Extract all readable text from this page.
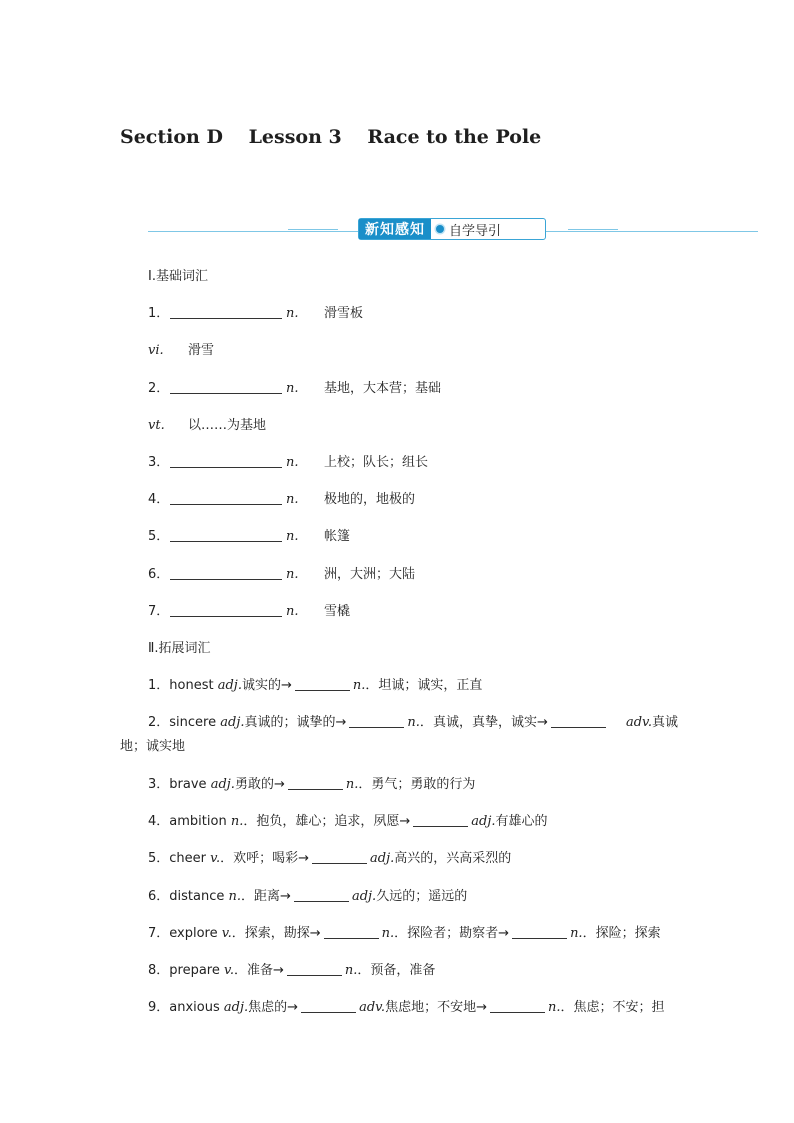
Section D　 Lesson 3　 Race to the Pole
新知感知	自学导引
Ⅰ.基础词汇
1．	n. 滑雪板
vi. 滑雪
2．	n. 基地，大本营；基础
vt. 以……为基地
3．	n. 上校；队长；组长
4．	n. 极地的，地极的
5．	n. 帐篷
6．	n. 洲，大洲；大陆
7．	n. 雪橇
Ⅱ.拓展词汇
1．honest adj.诚实的→	n.．坦诚；诚实，正直
2．sincere adj.真诚的；诚挚的→	n.．真诚，真挚，诚实→　	adv.真诚
地；诚实地
3．brave adj.勇敢的→	n.．勇气；勇敢的行为
4．ambition n.．抱负，雄心；追求，夙愿→	adj.有雄心的
5．cheer v.．欢呼；喝彩→	adj.高兴的，兴高采烈的
6．distance n.．距离→	adj.久远的；遥远的
7．explore v.．探索，勘探→	n.．探险者；勘察者→	n.．探险；探索
8．prepare v.．准备→	n.．预备，准备
9．anxious adj.焦虑的→	adv.焦虑地；不安地→	n.．焦虑；不安；担
